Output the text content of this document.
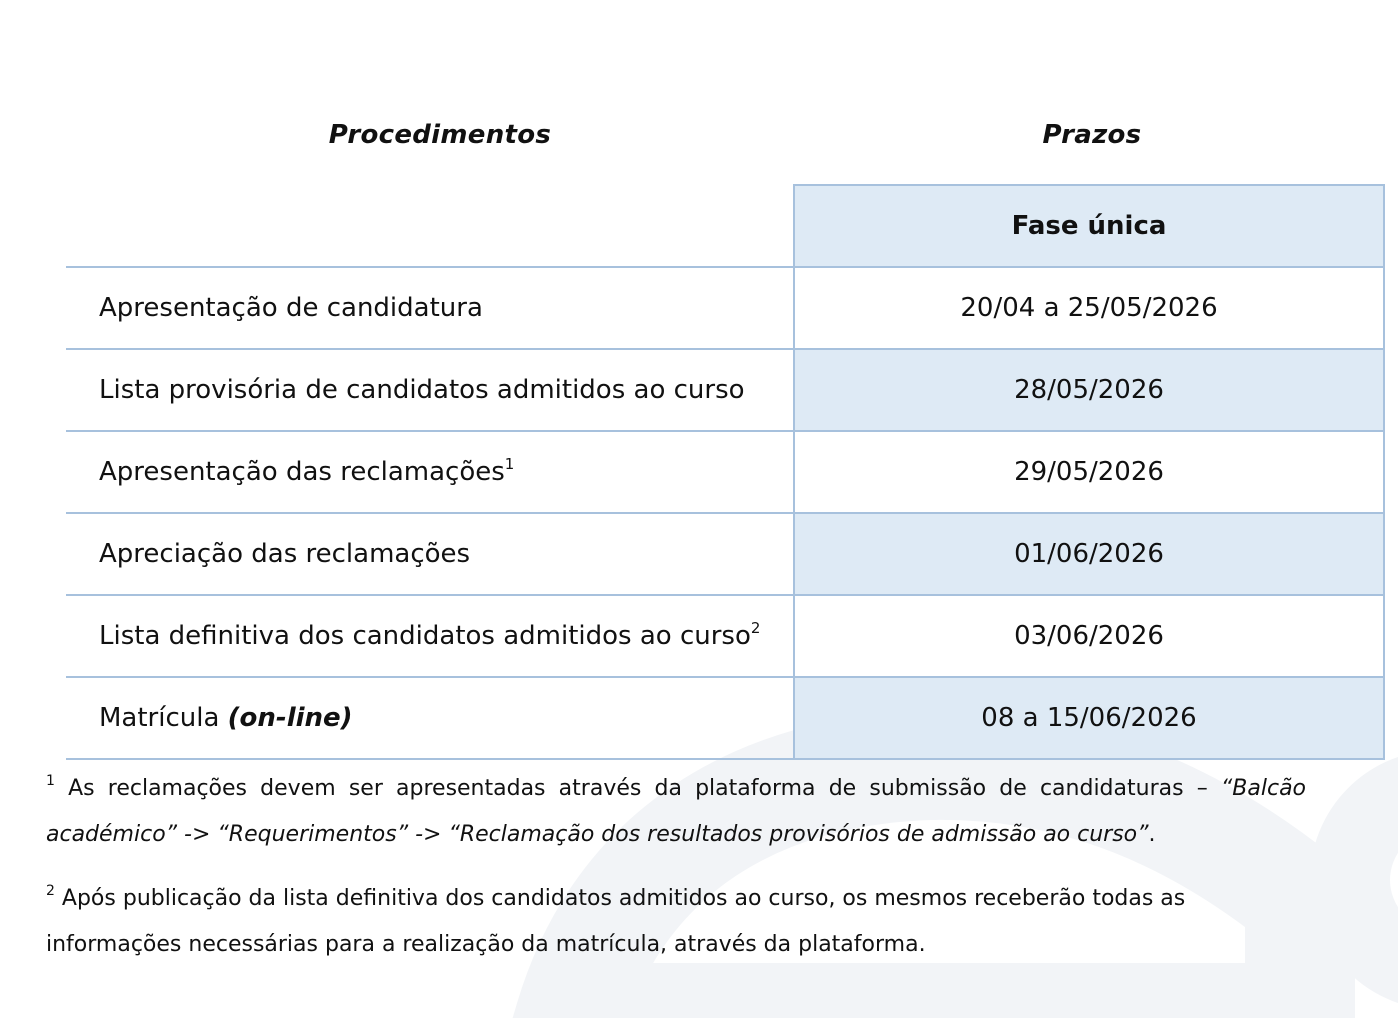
Procedimentos	Prazos
	Fase única
Apresentação de candidatura	20/04 a 25/05/2026
Lista provisória de candidatos admitidos ao curso	28/05/2026
Apresentação das reclamações$^1$	29/05/2026
Apreciação das reclamações	01/06/2026
Lista definitiva dos candidatos admitidos ao curso$^2$	03/06/2026
Matrícula (on-line)	08 a 15/06/2026
$^1$ As reclamações devem ser apresentadas através da plataforma de submissão de candidaturas – “Balcão académico” -> “Requerimentos” -> “Reclamação dos resultados provisórios de admissão ao curso”.
$^2$ Após publicação da lista definitiva dos candidatos admitidos ao curso, os mesmos receberão todas as informações necessárias para a realização da matrícula, através da plataforma.
